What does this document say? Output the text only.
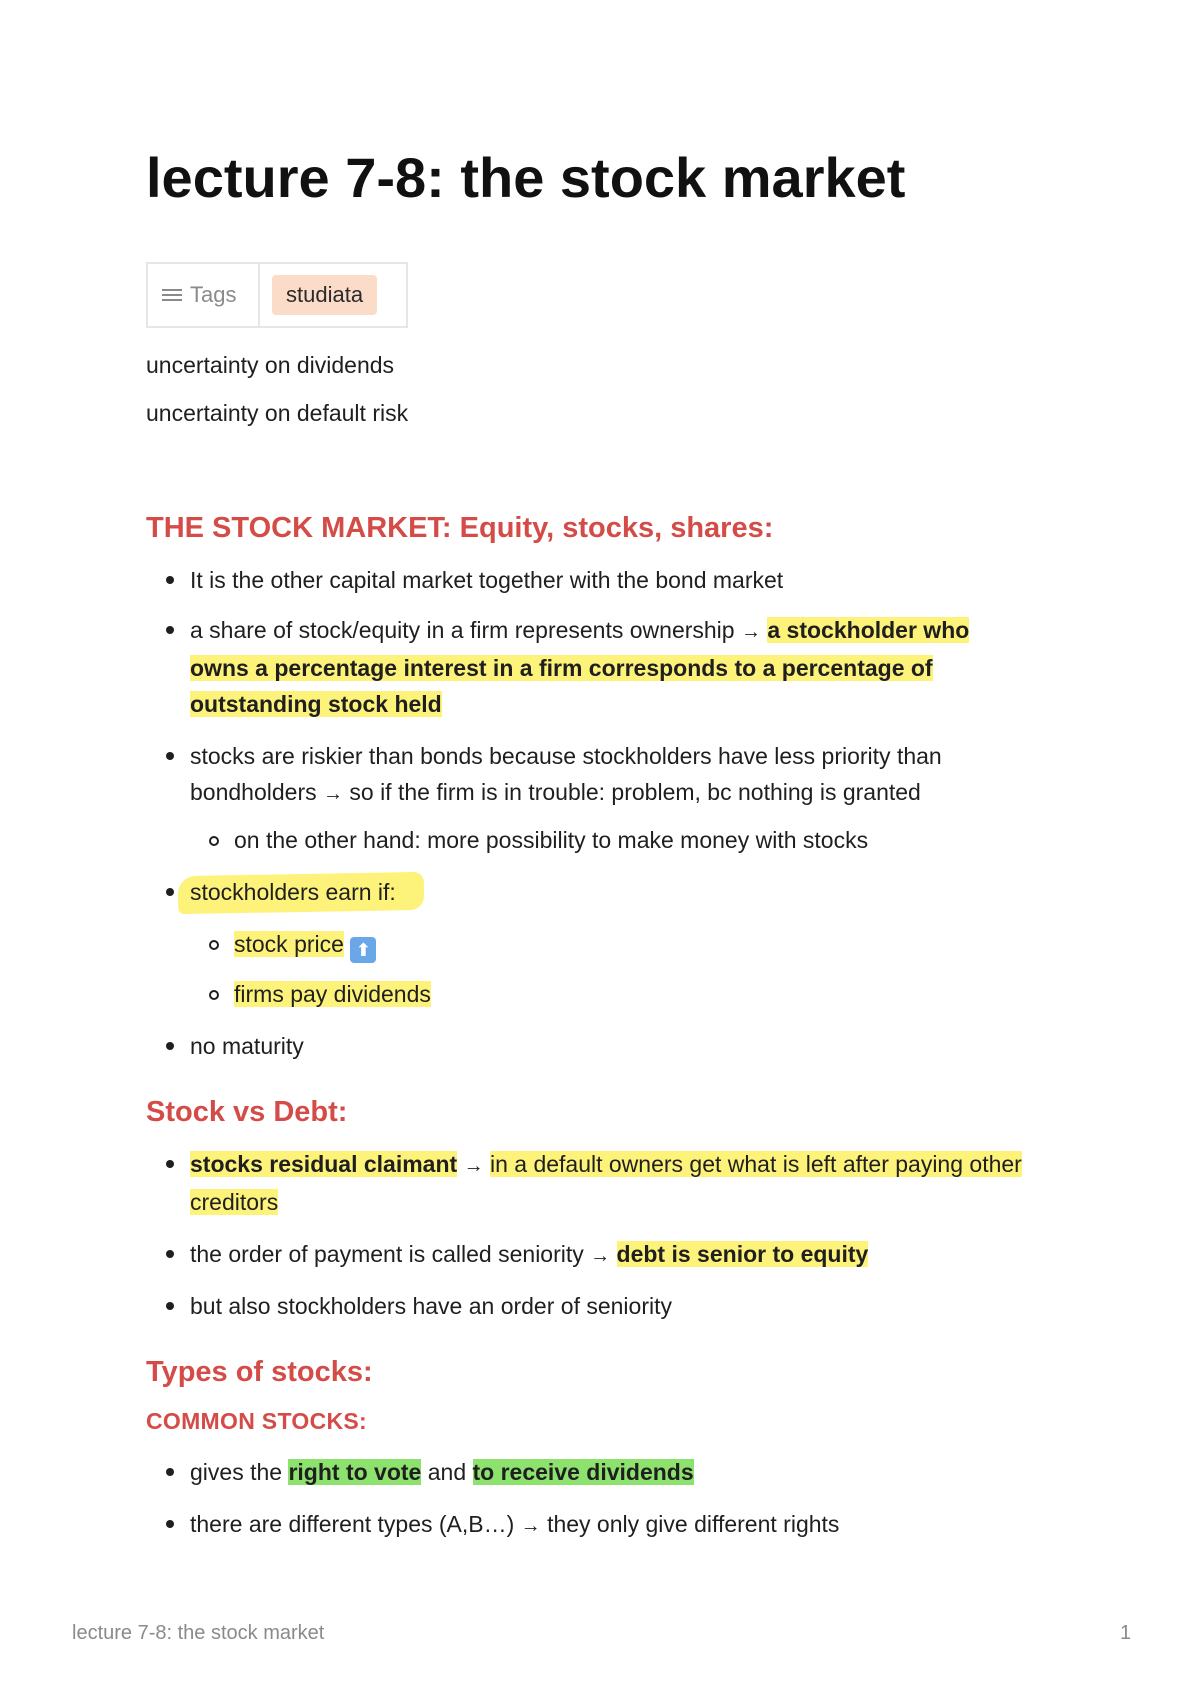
lecture 7-8: the stock market
Tags	studiata

uncertainty on dividends

uncertainty on default risk

THE STOCK MARKET: Equity, stocks, shares:
It is the other capital market together with the bond market
a share of stock/equity in a firm represents ownership → a stockholder who owns a percentage interest in a firm corresponds to a percentage of outstanding stock held
stocks are riskier than bonds because stockholders have less priority than bondholders → so if the firm is in trouble: problem, bc nothing is granted
on the other hand: more possibility to make money with stocks
stockholders earn if:
stock price ⬆
firms pay dividends
no maturity
Stock vs Debt:
stocks residual claimant → in a default owners get what is left after paying other creditors
the order of payment is called seniority → debt is senior to equity
but also stockholders have an order of seniority
Types of stocks:
COMMON STOCKS:
gives the right to vote and to receive dividends
there are different types (A,B…) → they only give different rights
lecture 7-8: the stock market	1
